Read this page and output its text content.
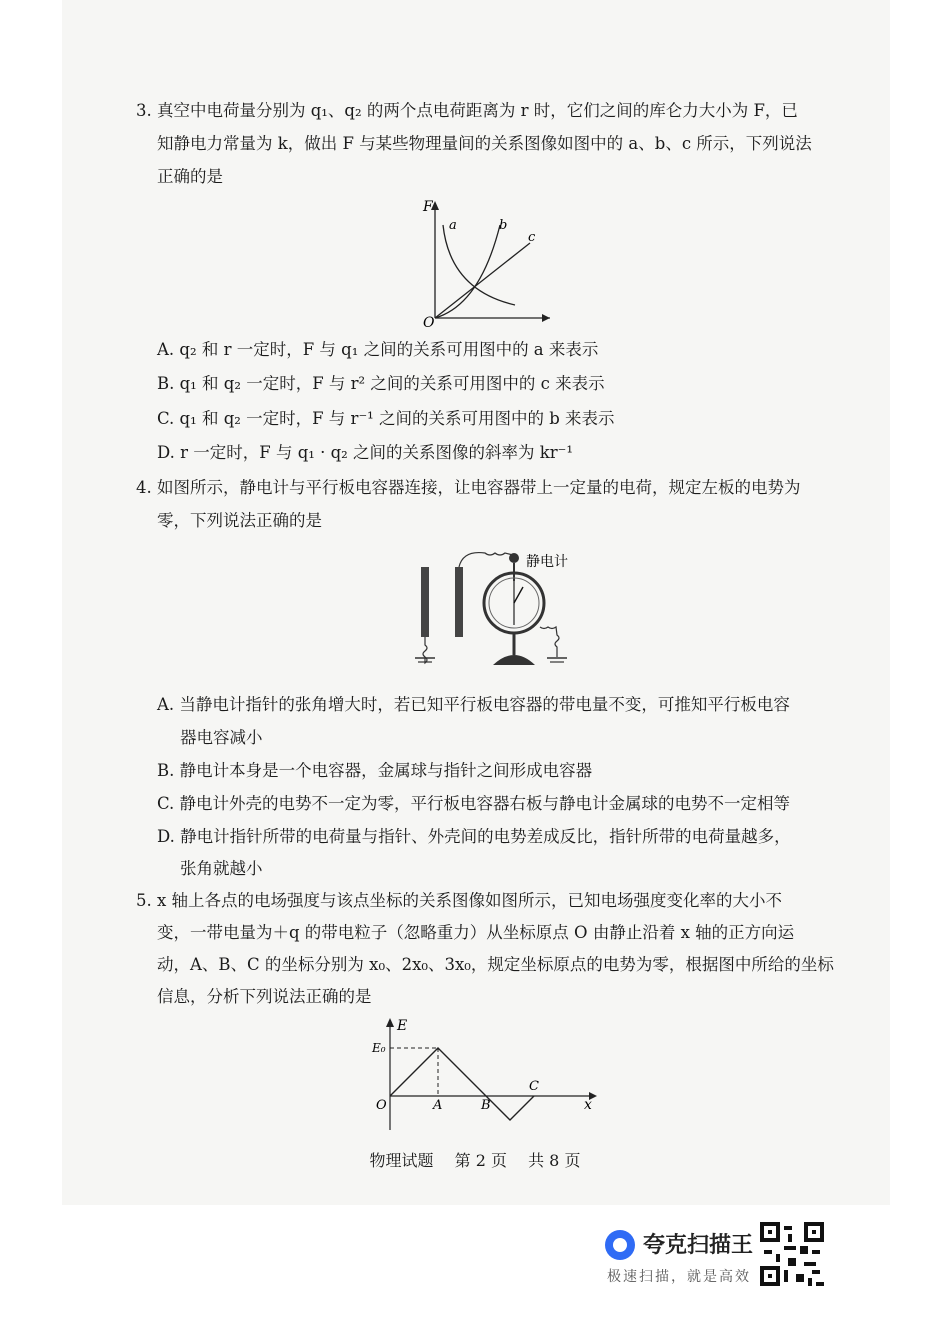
3. 真空中电荷量分别为 q₁、q₂ 的两个点电荷距离为 r 时，它们之间的库仑力大小为 F，已
知静电力常量为 k，做出 F 与某些物理量间的关系图像如图中的 a、b、c 所示，下列说法
正确的是
F
O
a	b
c
A. q₂ 和 r 一定时，F 与 q₁ 之间的关系可用图中的 a 来表示
B. q₁ 和 q₂ 一定时，F 与 r² 之间的关系可用图中的 c 来表示
C. q₁ 和 q₂ 一定时，F 与 r⁻¹ 之间的关系可用图中的 b 来表示
D. r 一定时，F 与 q₁ · q₂ 之间的关系图像的斜率为 kr⁻¹
4. 如图所示，静电计与平行板电容器连接，让电容器带上一定量的电荷，规定左板的电势为
零，下列说法正确的是
静电计
A. 当静电计指针的张角增大时，若已知平行板电容器的带电量不变，可推知平行板电容
器电容减小
B. 静电计本身是一个电容器，金属球与指针之间形成电容器
C. 静电计外壳的电势不一定为零，平行板电容器右板与静电计金属球的电势不一定相等
D. 静电计指针所带的电荷量与指针、外壳间的电势差成反比，指针所带的电荷量越多，
张角就越小
5. x 轴上各点的电场强度与该点坐标的关系图像如图所示，已知电场强度变化率的大小不
变，一带电量为＋q 的带电粒子（忽略重力）从坐标原点 O 由静止沿着 x 轴的正方向运
动，A、B、C 的坐标分别为 x₀、2x₀、3x₀，规定坐标原点的电势为零，根据图中所给的坐标
信息，分析下列说法正确的是
E
x
E₀
O	A	B
C
物理试题 第 2 页 共 8 页
夸克扫描王
极速扫描，就是高效
